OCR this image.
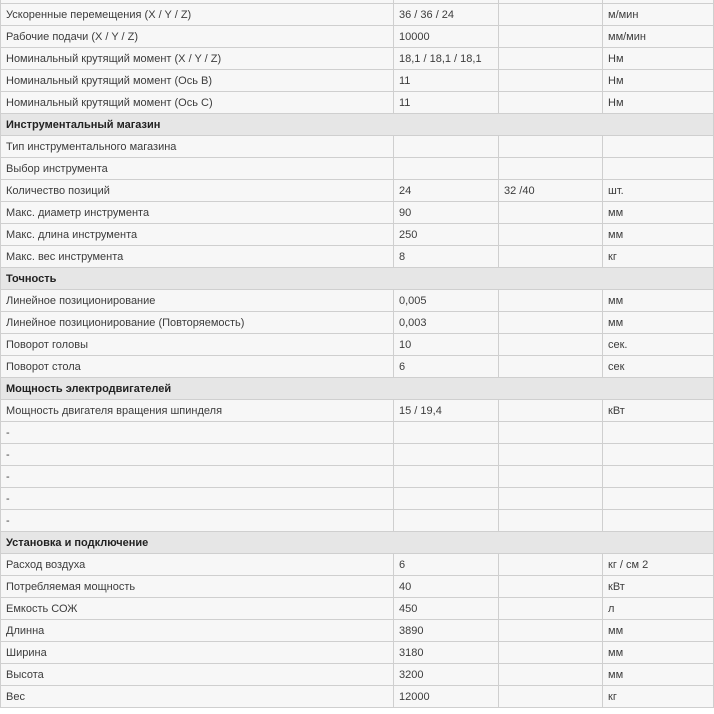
Ускоренные перемещения (X / Y / Z)	36 / 36 / 24		м/мин
Рабочие подачи (X / Y / Z)	10000		мм/мин
Номинальный крутящий момент (X / Y / Z)	18,1 / 18,1 / 18,1		Нм
Номинальный крутящий момент (Ось B)	11		Нм
Номинальный крутящий момент (Ось C)	11		Нм
Инструментальный магазин			
Тип инструментального магазина			
Выбор инструмента			
Количество позиций	24	32 /40	шт.
Макс. диаметр инструмента	90		мм
Макс. длина инструмента	250		мм
Макс. вес инструмента	8		кг
Точность			
Линейное позиционирование	0,005		мм
Линейное позиционирование (Повторяемость)	0,003		мм
Поворот головы	10		сек.
Поворот стола	6		сек
Мощность электродвигателей			
Мощность двигателя вращения шпинделя	15 / 19,4		кВт
-			
-			
-			
-			
-			
Установка и подключение			
Расход воздуха	6		кг / см 2
Потребляемая мощность	40		кВт
Емкость СОЖ	450		л
Длинна	3890		мм
Ширина	3180		мм
Высота	3200		мм
Вес	12000		кг
